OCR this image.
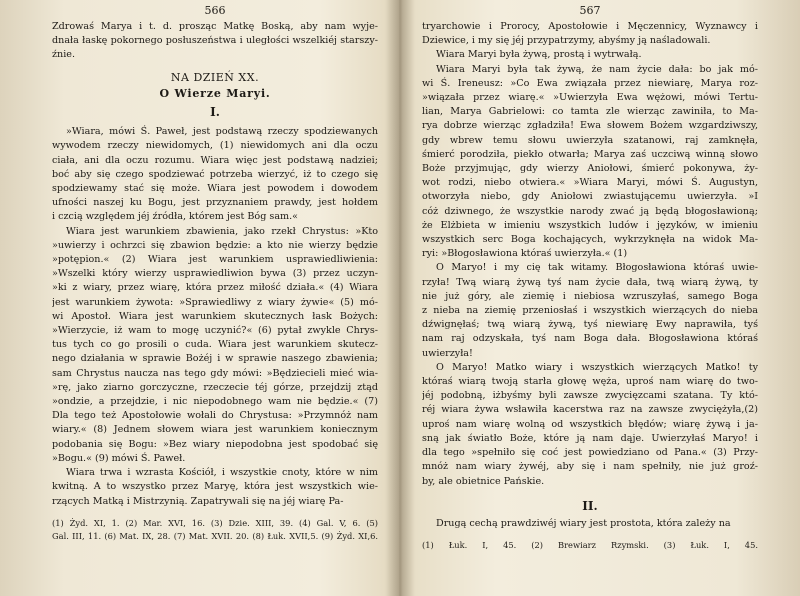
566
Zdrowaś Marya i t. d. prosząc Matkę Boską, aby nam wyje-
dnała łaskę pokornego posłuszeństwa i uległości wszelkiéj starszy-
źnie.
NA DZIEŃ XX.
O Wierze Maryi.
I.
»Wiara, mówi Ś. Paweł, jest podstawą rzeczy spodziewanych
wywodem rzeczy niewidomych, (1) niewidomych ani dla oczu
ciała, ani dla oczu rozumu. Wiara więc jest podstawą nadziei;
boć aby się czego spodziewać potrzeba wierzyć, iż to czego się
spodziewamy stać się może. Wiara jest powodem i dowodem
ufności naszej ku Bogu, jest przyznaniem prawdy, jest hołdem
i czcią względem jéj źródła, którem jest Bóg sam.«
Wiara jest warunkiem zbawienia, jako rzekł Chrystus: »Kto
»uwierzy i ochrzci się zbawion będzie: a kto nie wierzy będzie
»potępion.« (2) Wiara jest warunkiem usprawiedliwienia:
»Wszelki który wierzy usprawiedliwion bywa (3) przez uczyn-
»ki z wiary, przez wiarę, która przez miłość działa.« (4) Wiara
jest warunkiem żywota: »Sprawiedliwy z wiary żywie« (5) mó-
wi Apostoł. Wiara jest warunkiem skutecznych łask Bożych:
»Wierzycie, iż wam to mogę uczynić?« (6) pytał zwykle Chrys-
tus tych co go prosili o cuda. Wiara jest warunkiem skutecz-
nego działania w sprawie Bożéj i w sprawie naszego zbawienia;
sam Chrystus naucza nas tego gdy mówi: »Będziecieli mieć wia-
»rę, jako ziarno gorczyczne, rzeczecie téj górze, przejdzij ztąd
»ondzie, a przejdzie, i nic niepodobnego wam nie będzie.« (7)
Dla tego też Apostołowie wołali do Chrystusa: »Przymnóż nam
wiary.« (8) Jednem słowem wiara jest warunkiem koniecznym
podobania się Bogu: »Bez wiary niepodobna jest spodobać się
»Bogu.« (9) mówi Ś. Paweł.
Wiara trwa i wzrasta Kościół, i wszystkie cnoty, które w nim
kwitną. A to wszystko przez Maryę, która jest wszystkich wie-
rzących Matką i Mistrzynią. Zapatrywali się na jéj wiarę Pa-
(1) Żyd. XI, 1. (2) Mar. XVI, 16. (3) Dzie. XIII, 39. (4) Gal. V, 6. (5)
Gal. III, 11. (6) Mat. IX, 28. (7) Mat. XVII. 20. (8) Łuk. XVII,5. (9) Żyd. XI,6.
567
tryarchowie i Prorocy, Apostołowie i Męczennicy, Wyznawcy i
Dziewice, i my się jéj przypatrzymy, abyśmy ją naśladowali.
Wiara Maryi była żywą, prostą i wytrwałą.
Wiara Maryi była tak żywą, że nam życie dała: bo jak mó-
wi Ś. Ireneusz: »Co Ewa związała przez niewiarę, Marya roz-
»wiązała przez wiarę.« »Uwierzyła Ewa wężowi, mówi Tertu-
lian, Marya Gabrielowi: co tamta zle wierząc zawiniła, to Ma-
rya dobrze wierząc zgładziła! Ewa słowem Bożem wzgardziwszy,
gdy wbrew temu słowu uwierzyła szatanowi, raj zamknęła,
śmierć porodziła, piekło otwarła; Marya zaś uczciwą winną słowo
Boże przyjmując, gdy wierzy Aniołowi, śmierć pokonywa, ży-
wot rodzi, niebo otwiera.« »Wiara Maryi, mówi Ś. Augustyn,
otworzyła niebo, gdy Aniołowi zwiastującemu uwierzyła. »I
cóż dziwnego, że wszystkie narody zwać ją będą błogosławioną;
że Elżbieta w imieniu wszystkich ludów i języków, w imieniu
wszystkich serc Boga kochających, wykrzyknęła na widok Ma-
ryi: »Błogosławiona któraś uwierzyła.« (1)
O Maryo! i my cię tak witamy. Błogosławiona któraś uwie-
rzyła! Twą wiarą żywą tyś nam życie dała, twą wiarą żywą, ty
nie już góry, ale ziemię i niebiosa wzruszyłaś, samego Boga
z nieba na ziemię przeniosłaś i wszystkich wierzących do nieba
dźwignęłaś; twą wiarą żywą, tyś niewiarę Ewy naprawiła, tyś
nam raj odzyskała, tyś nam Boga dała. Błogosławiona któraś
uwierzyła!
O Maryo! Matko wiary i wszystkich wierzących Matko! ty
któraś wiarą twoją starła głowę węża, uproś nam wiarę do two-
jéj podobną, iżbyśmy byli zawsze zwycięzcami szatana. Ty któ-
réj wiara żywa wsławiła kacerstwa raz na zawsze zwyciężyła,(2)
uproś nam wiarę wolną od wszystkich błędów; wiarę żywą i ja-
sną jak światło Boże, które ją nam dąje. Uwierzyłaś Maryo! i
dla tego »spełniło się coć jest powiedziano od Pana.« (3) Przy-
mnóż nam wiary żywéj, aby się i nam spełniły, nie już groź-
by, ale obietnice Pańskie.
II.
Drugą cechą prawdziwéj wiary jest prostota, która zależy na
(1) Łuk. I, 45. (2) Brewiarz Rzymski. (3) Łuk. I, 45.
